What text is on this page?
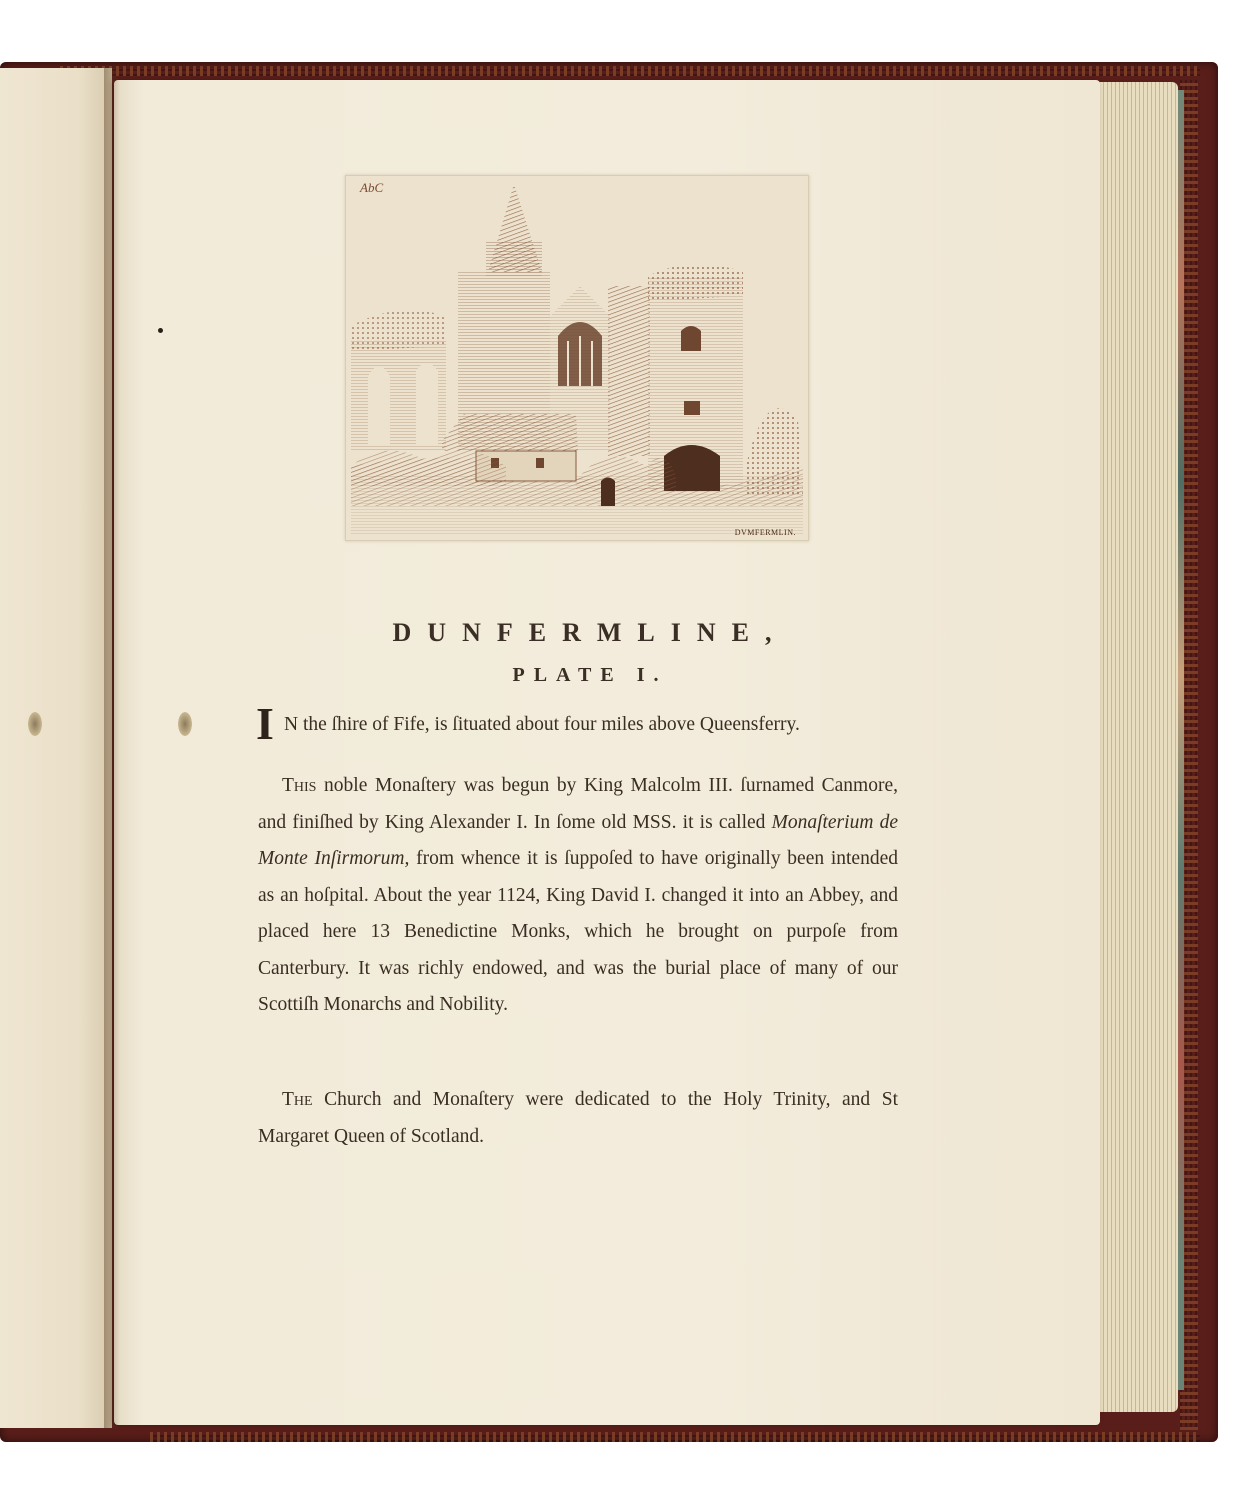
AbC
DVMFERMLIN.
DUNFERMLINE,
PLATE I.
I N the ſhire of Fife, is ſituated about four miles above Queensferry.
This noble Monaſtery was begun by King Malcolm III. ſurnamed Canmore, and finiſhed by King Alexander I. In ſome old MSS. it is called Monaſterium de Monte Inſirmorum, from whence it is ſuppoſed to have originally been intended as an hoſpital. About the year 1124, King David I. changed it into an Abbey, and placed here 13 Benedictine Monks, which he brought on purpoſe from Canterbury. It was richly endowed, and was the burial place of many of our Scottiſh Monarchs and Nobility.
The Church and Monaſtery were dedicated to the Holy Trinity, and St Margaret Queen of Scotland.
